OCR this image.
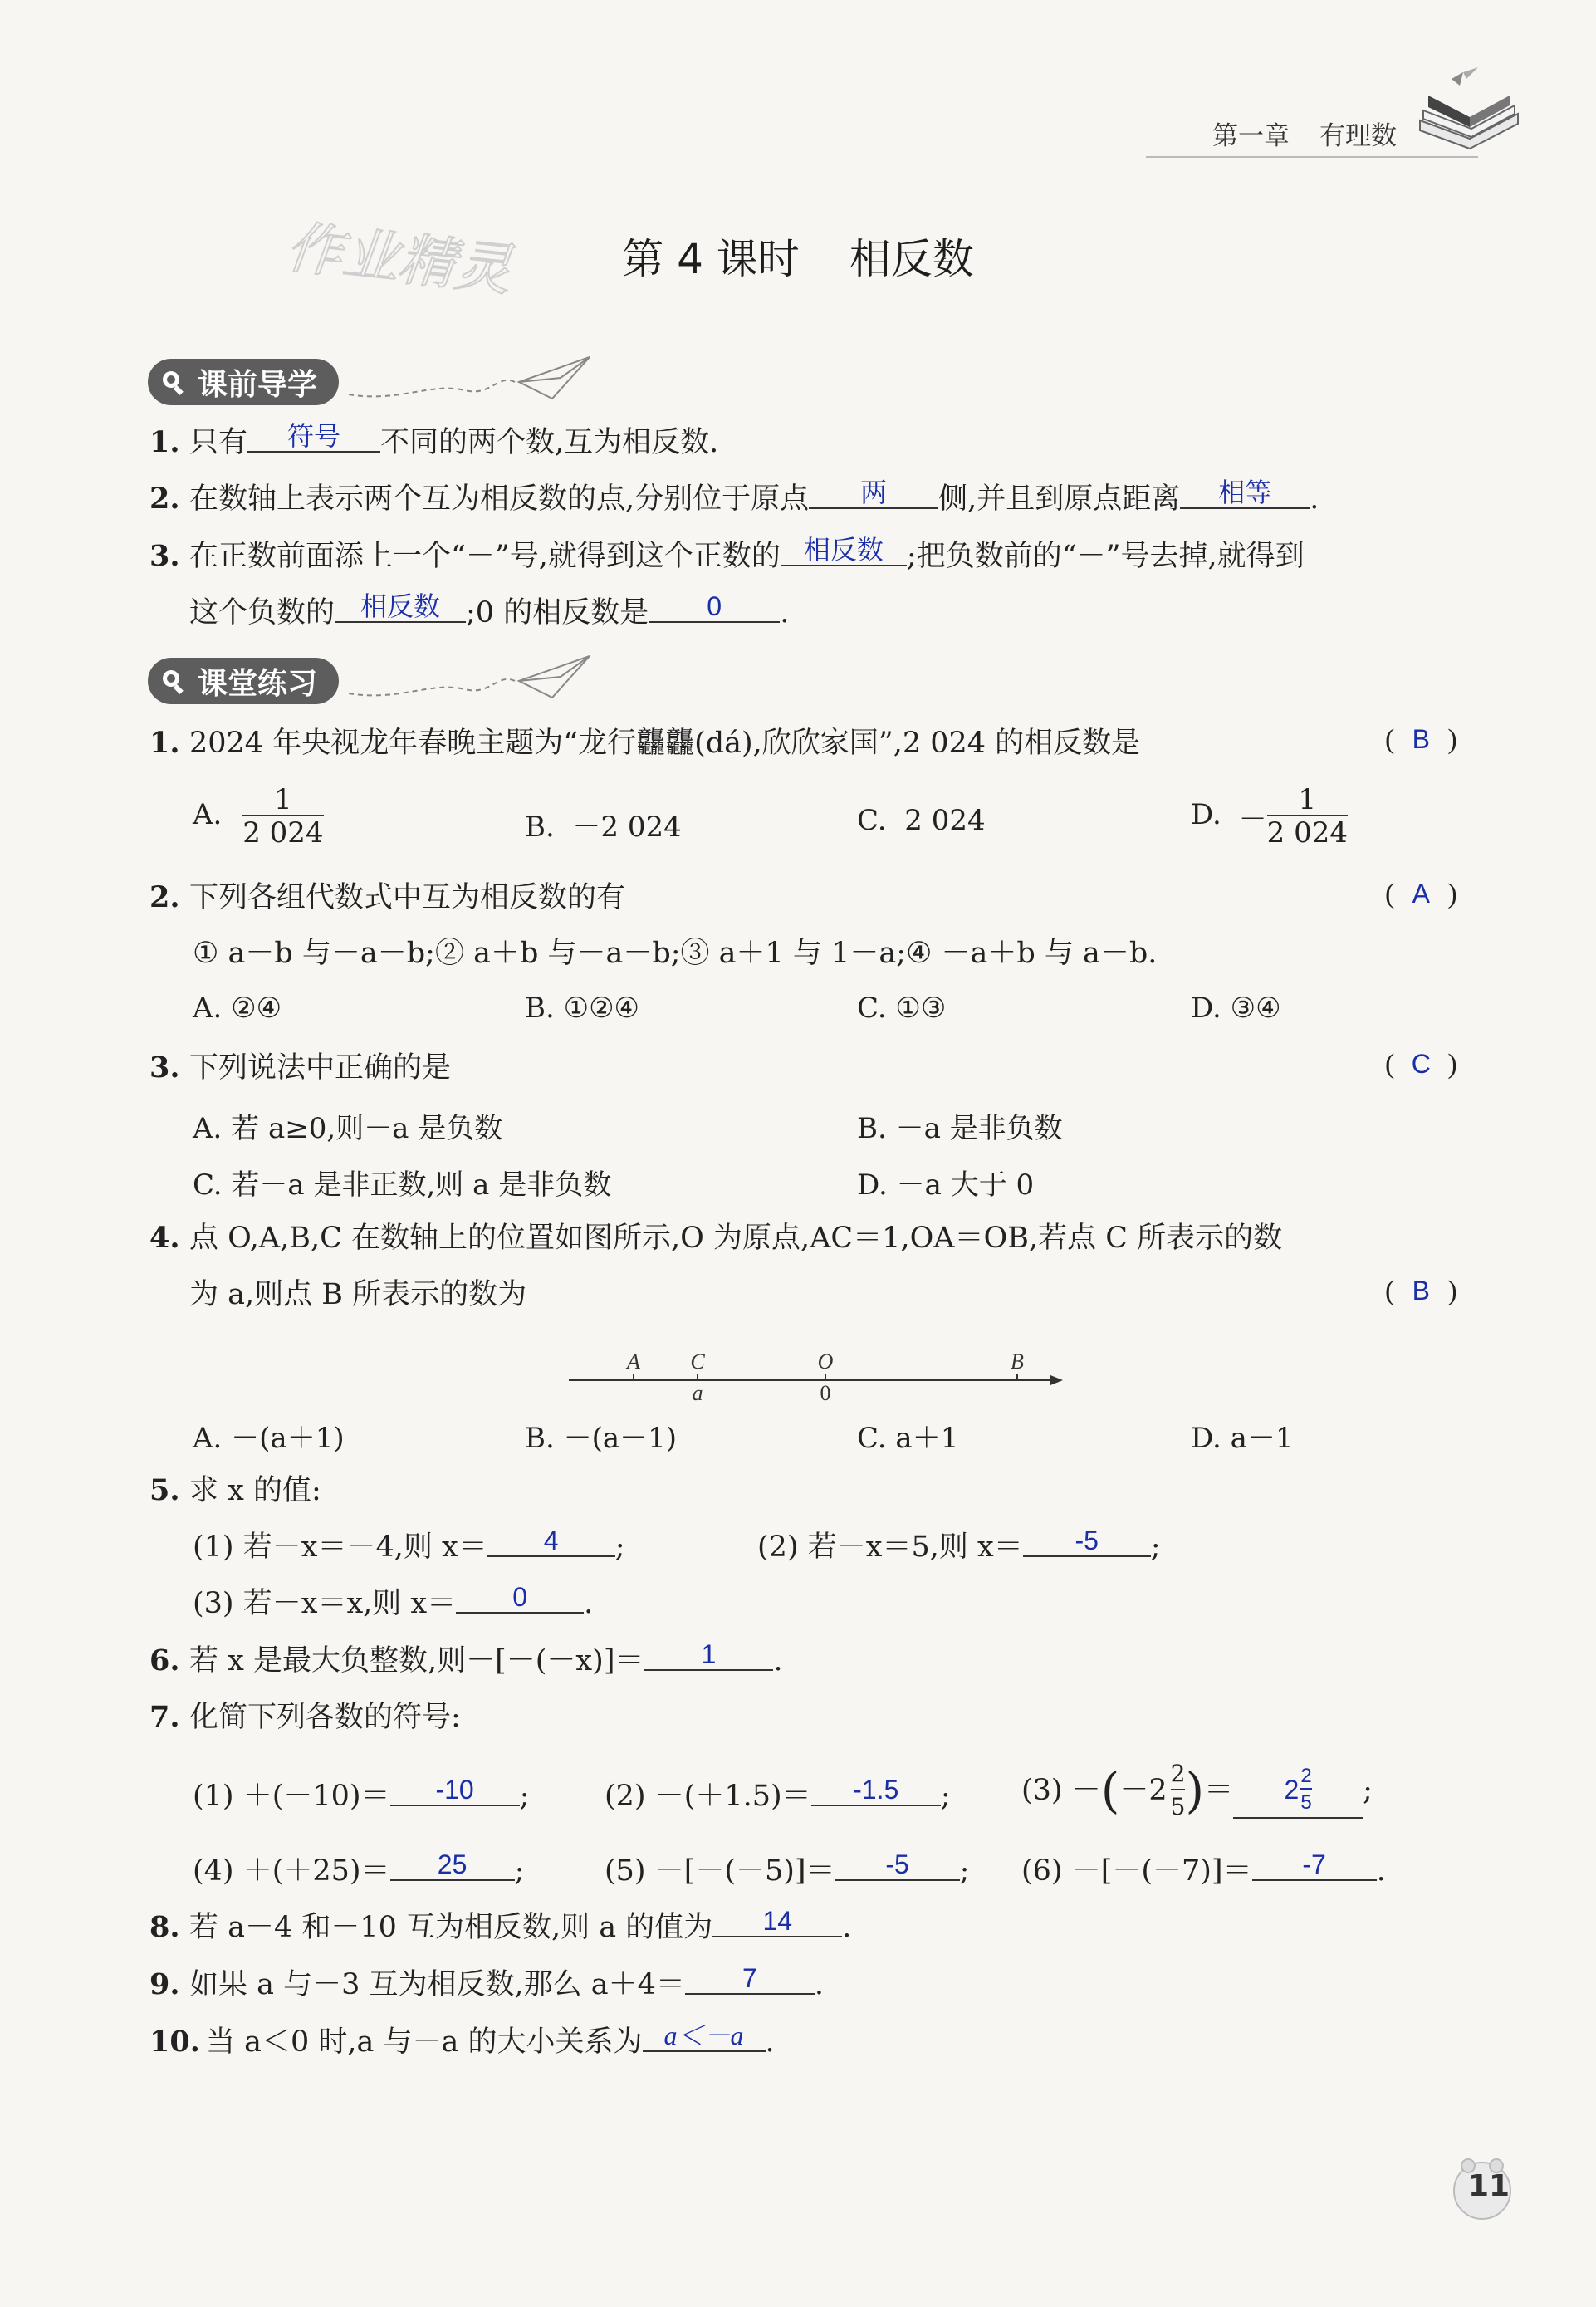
第一章 有理数
作业精灵	第 4 课时 相反数
课前导学
1. 只有 符号 不同的两个数,互为相反数.
2. 在数轴上表示两个互为相反数的点,分别位于原点 两 侧,并且到原点距离 相等 .
3. 在正数前面添上一个“－”号,就得到这个正数的 相反数 ;把负数前的“－”号去掉,就得到
这个负数的 相反数 ;0 的相反数是 0 .
课堂练习
1. 2024 年央视龙年春晚主题为“龙行龘龘(dá),欣欣家国”,2 024 的相反数是	( B )
A. $\frac{1}{2 024}$	B. －2 024	C. 2 024	D. － $\frac{1}{2 024}$
2. 下列各组代数式中互为相反数的有	( A )
① a－b 与－a－b;② a＋b 与－a－b;③ a＋1 与 1－a;④ －a＋b 与 a－b.
A. ②④	B. ①②④	C. ①③	D. ③④
3. 下列说法中正确的是	( C )
A. 若 a≥0,则－a 是负数	B. －a 是非负数
C. 若－a 是非正数,则 a 是非负数	D. －a 大于 0
4. 点 O,A,B,C 在数轴上的位置如图所示,O 为原点,AC＝1,OA＝OB,若点 C 所表示的数
为 a,则点 B 所表示的数为	( B )
A C	O	B
a	0
A. －(a＋1)	B. －(a－1)	C. a＋1	D. a－1
5. 求 x 的值:
(1) 若－x＝－4,则 x＝ 4 ;	(2) 若－x＝5,则 x＝ -5 ;
(3) 若－x＝x,则 x＝ 0 .
6. 若 x 是最大负整数,则－[－(－x)]＝ 1 .
7. 化简下列各数的符号:
(1) ＋(－10)＝ -10 ;	(2) －(＋1.5)＝ -1.5 ; (3) － ( $-2 \frac{2}{5}$ ) ＝ $2 \frac{2}{5}$ ;
(4) ＋(＋25)＝ 25 ;	(5) －[－(－5)]＝ -5 ; (6) －[－(－7)]＝ -7 .
8. 若 a－4 和－10 互为相反数,则 a 的值为 14 .
9. 如果 a 与－3 互为相反数,那么 a＋4＝ 7 .
10. 当 a＜0 时,a 与－a 的大小关系为 a＜－a .
11
